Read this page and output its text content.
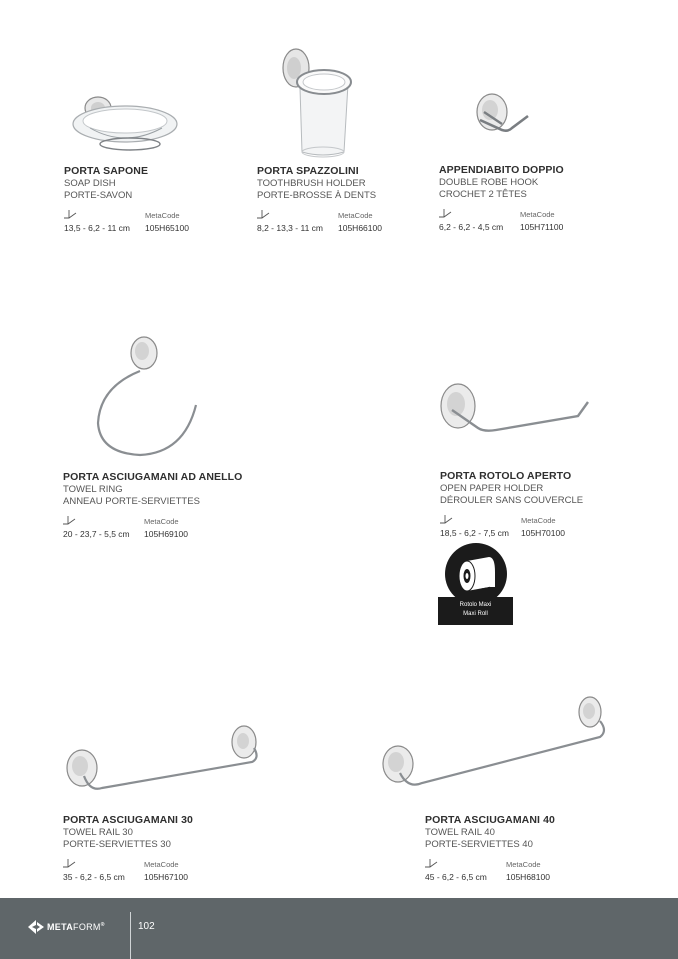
PORTA SAPONE
SOAP DISH
PORTE-SAVON
MetaCode
13,5 - 6,2 - 11 cm	105H65100
PORTA SPAZZOLINI
TOOTHBRUSH HOLDER
PORTE-BROSSE À DENTS
MetaCode
8,2 - 13,3 - 11 cm	105H66100
APPENDIABITO DOPPIO
DOUBLE ROBE HOOK
CROCHET 2 TÊTES
MetaCode
6,2 - 6,2 - 4,5 cm	105H71100
PORTA ASCIUGAMANI AD ANELLO
TOWEL RING
ANNEAU PORTE-SERVIETTES
MetaCode
20 - 23,7 - 5,5 cm	105H69100
PORTA ROTOLO APERTO
OPEN PAPER HOLDER
DÉROULER SANS COUVERCLE
MetaCode
18,5 - 6,2 - 7,5 cm	105H70100
PORTA ASCIUGAMANI 30
TOWEL RAIL 30
PORTE-SERVIETTES 30
MetaCode
35 - 6,2 - 6,5 cm	105H67100
PORTA ASCIUGAMANI 40
TOWEL RAIL 40
PORTE-SERVIETTES 40
MetaCode
45 - 6,2 - 6,5 cm	105H68100
Rotolo Maxi
Maxi Roll
METAFORM®	102
